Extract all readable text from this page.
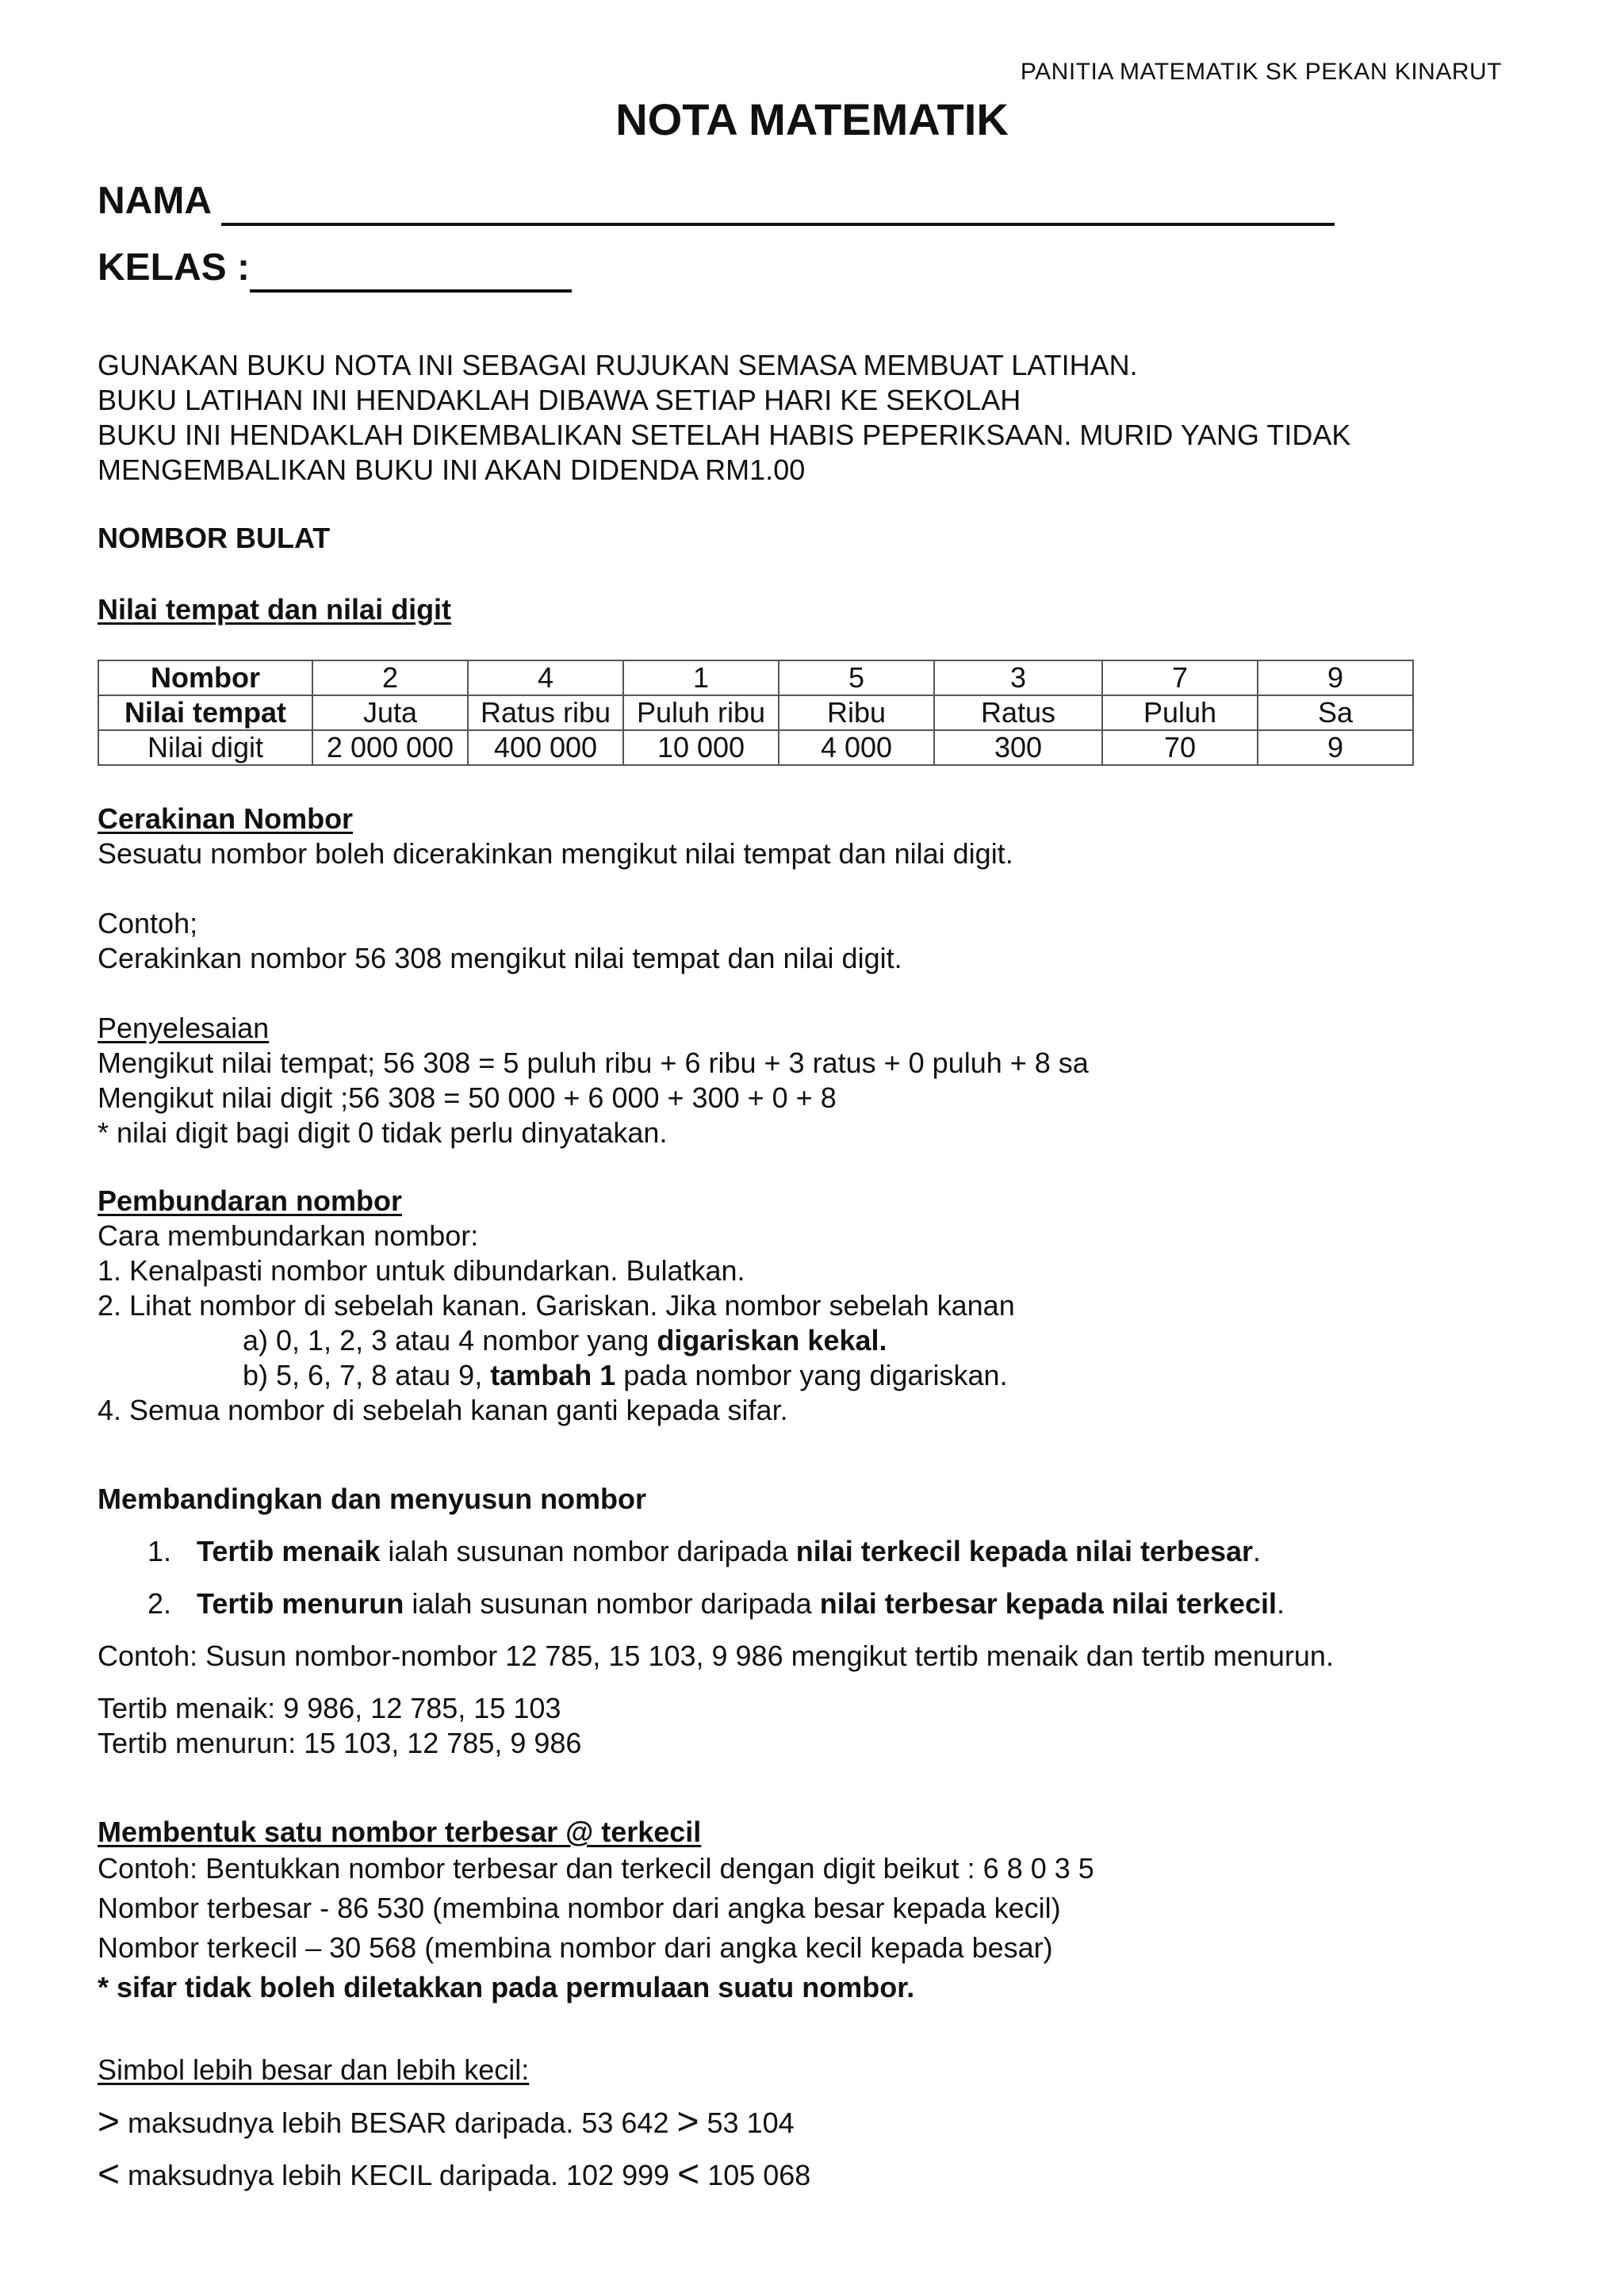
PANITIA MATEMATIK SK PEKAN KINARUT
NOTA MATEMATIK
NAMA
KELAS :
GUNAKAN BUKU NOTA INI SEBAGAI RUJUKAN SEMASA MEMBUAT LATIHAN.
BUKU LATIHAN INI HENDAKLAH DIBAWA SETIAP HARI KE SEKOLAH
BUKU INI HENDAKLAH DIKEMBALIKAN SETELAH HABIS PEPERIKSAAN. MURID YANG TIDAK
MENGEMBALIKAN BUKU INI AKAN DIDENDA RM1.00
NOMBOR BULAT
Nilai tempat dan nilai digit
Nombor	2	4	1	5	3	7	9
Nilai tempat	Juta	Ratus ribu	Puluh ribu	Ribu	Ratus	Puluh	Sa
Nilai digit	2 000 000	400 000	10 000	4 000	300	70	9
Cerakinan Nombor
Sesuatu nombor boleh dicerakinkan mengikut nilai tempat dan nilai digit.
Contoh;
Cerakinkan nombor 56 308 mengikut nilai tempat dan nilai digit.
Penyelesaian
Mengikut nilai tempat; 56 308 = 5 puluh ribu + 6 ribu + 3 ratus + 0 puluh + 8 sa
Mengikut nilai digit ;56 308 = 50 000 + 6 000 + 300 + 0 + 8
* nilai digit bagi digit 0 tidak perlu dinyatakan.
Pembundaran nombor
Cara membundarkan nombor:
1. Kenalpasti nombor untuk dibundarkan. Bulatkan.
2. Lihat nombor di sebelah kanan. Gariskan. Jika nombor sebelah kanan
a) 0, 1, 2, 3 atau 4 nombor yang digariskan kekal.
b) 5, 6, 7, 8 atau 9, tambah 1 pada nombor yang digariskan.
4. Semua nombor di sebelah kanan ganti kepada sifar.
Membandingkan dan menyusun nombor
1. Tertib menaik ialah susunan nombor daripada nilai terkecil kepada nilai terbesar.
2. Tertib menurun ialah susunan nombor daripada nilai terbesar kepada nilai terkecil.
Contoh: Susun nombor-nombor 12 785, 15 103, 9 986 mengikut tertib menaik dan tertib menurun.
Tertib menaik: 9 986, 12 785, 15 103
Tertib menurun: 15 103, 12 785, 9 986
Membentuk satu nombor terbesar @ terkecil
Contoh: Bentukkan nombor terbesar dan terkecil dengan digit beikut : 6 8 0 3 5
Nombor terbesar - 86 530 (membina nombor dari angka besar kepada kecil)
Nombor terkecil – 30 568 (membina nombor dari angka kecil kepada besar)
* sifar tidak boleh diletakkan pada permulaan suatu nombor.
Simbol lebih besar dan lebih kecil:
> maksudnya lebih BESAR daripada. 53 642 > 53 104
< maksudnya lebih KECIL daripada. 102 999 < 105 068
